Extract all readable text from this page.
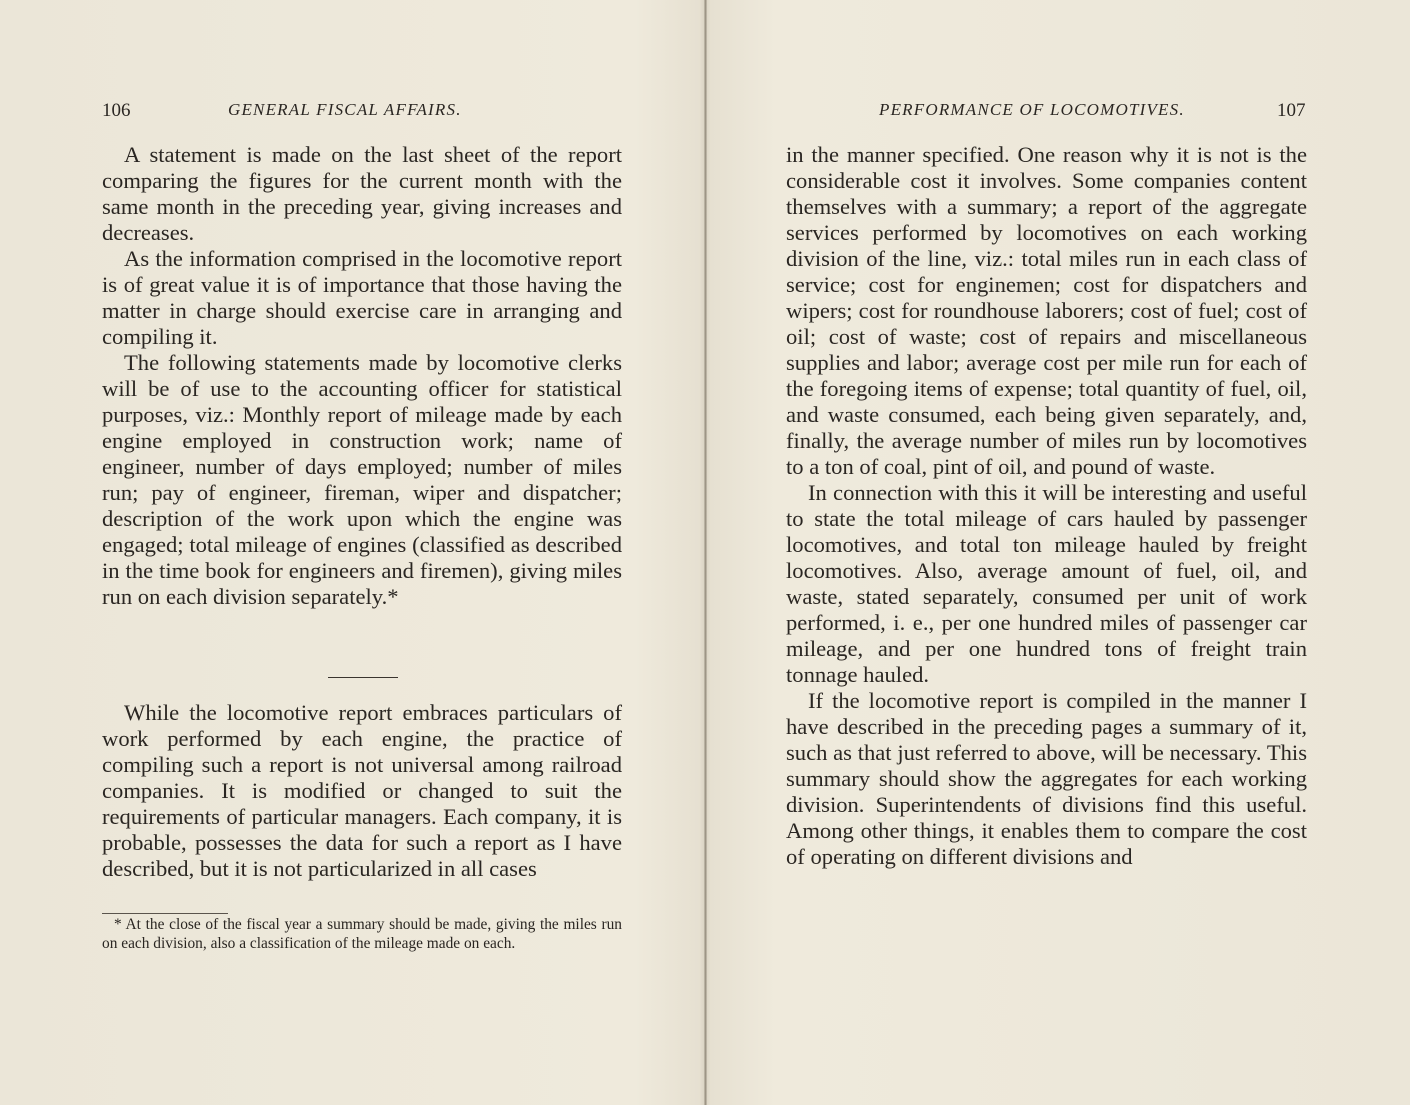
106	GENERAL FISCAL AFFAIRS.

A statement is made on the last sheet of the report comparing the figures for the current month with the same month in the preceding year, giving increases and decreases.

As the information comprised in the locomotive report is of great value it is of importance that those having the matter in charge should exercise care in arranging and compiling it.

The following statements made by locomotive clerks will be of use to the accounting officer for statistical purposes, viz.: Monthly report of mileage made by each engine employed in construction work; name of engineer, number of days employed; number of miles run; pay of engineer, fireman, wiper and dispatcher; description of the work upon which the engine was engaged; total mileage of engines (classified as described in the time book for engineers and firemen), giving miles run on each division separately.*

While the locomotive report embraces particulars of work performed by each engine, the practice of compiling such a report is not universal among railroad companies. It is modified or changed to suit the requirements of particular managers. Each company, it is probable, possesses the data for such a report as I have described, but it is not particularized in all cases

* At the close of the fiscal year a summary should be made, giving the miles run on each division, also a classification of the mileage made on each.

PERFORMANCE OF LOCOMOTIVES.	107

in the manner specified. One reason why it is not is the considerable cost it involves. Some companies content themselves with a summary; a report of the aggregate services performed by locomotives on each working division of the line, viz.: total miles run in each class of service; cost for enginemen; cost for dispatchers and wipers; cost for roundhouse laborers; cost of fuel; cost of oil; cost of waste; cost of repairs and miscellaneous supplies and labor; average cost per mile run for each of the foregoing items of expense; total quantity of fuel, oil, and waste consumed, each being given separately, and, finally, the average number of miles run by locomotives to a ton of coal, pint of oil, and pound of waste.

In connection with this it will be interesting and useful to state the total mileage of cars hauled by passenger locomotives, and total ton mileage hauled by freight locomotives. Also, average amount of fuel, oil, and waste, stated separately, consumed per unit of work performed, i. e., per one hundred miles of passenger car mileage, and per one hundred tons of freight train tonnage hauled.

If the locomotive report is compiled in the manner I have described in the preceding pages a summary of it, such as that just referred to above, will be necessary. This summary should show the aggregates for each working division. Superintendents of divisions find this useful. Among other things, it enables them to compare the cost of operating on different divisions and
